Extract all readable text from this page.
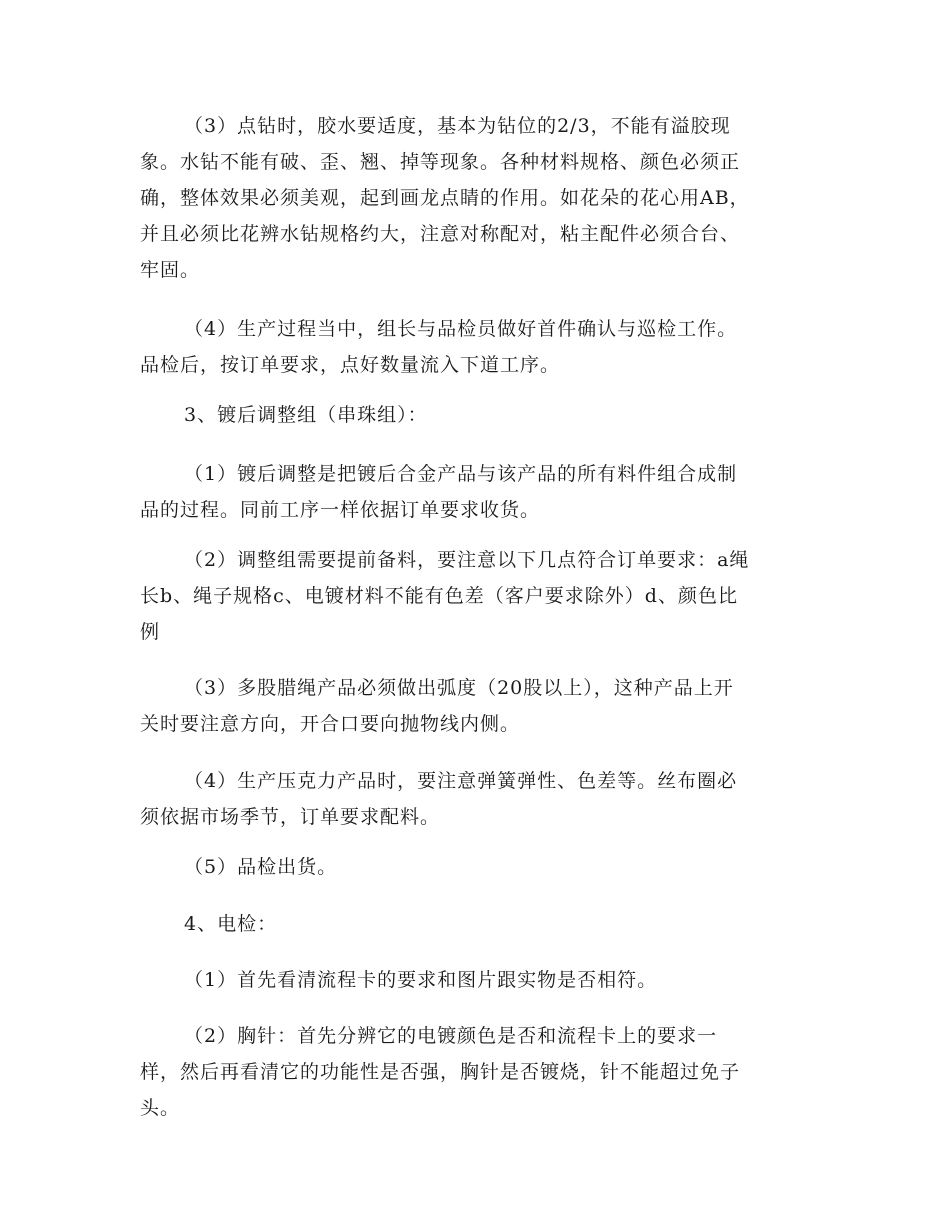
（3）点钻时，胶水要适度，基本为钻位的2/3，不能有溢胶现
象。水钻不能有破、歪、翘、掉等现象。各种材料规格、颜色必须正
确，整体效果必须美观，起到画龙点睛的作用。如花朵的花心用AB，
并且必须比花辨水钻规格约大，注意对称配对，粘主配件必须合台、
牢固。
（4）生产过程当中，组长与品检员做好首件确认与巡检工作。
品检后，按订单要求，点好数量流入下道工序。
3、镀后调整组（串珠组）：
（1）镀后调整是把镀后合金产品与该产品的所有料件组合成制
品的过程。同前工序一样依据订单要求收货。
（2）调整组需要提前备料，要注意以下几点符合订单要求：a绳
长b、绳子规格c、电镀材料不能有色差（客户要求除外）d、颜色比
例
（3）多股腊绳产品必须做出弧度（20股以上），这种产品上开
关时要注意方向，开合口要向抛物线内侧。
（4）生产压克力产品时，要注意弹簧弹性、色差等。丝布圈必
须依据市场季节，订单要求配料。
（5）品检出货。
4、电检：
（1）首先看清流程卡的要求和图片跟实物是否相符。
（2）胸针：首先分辨它的电镀颜色是否和流程卡上的要求一
样，然后再看清它的功能性是否强，胸针是否镀烧，针不能超过免子
头。
